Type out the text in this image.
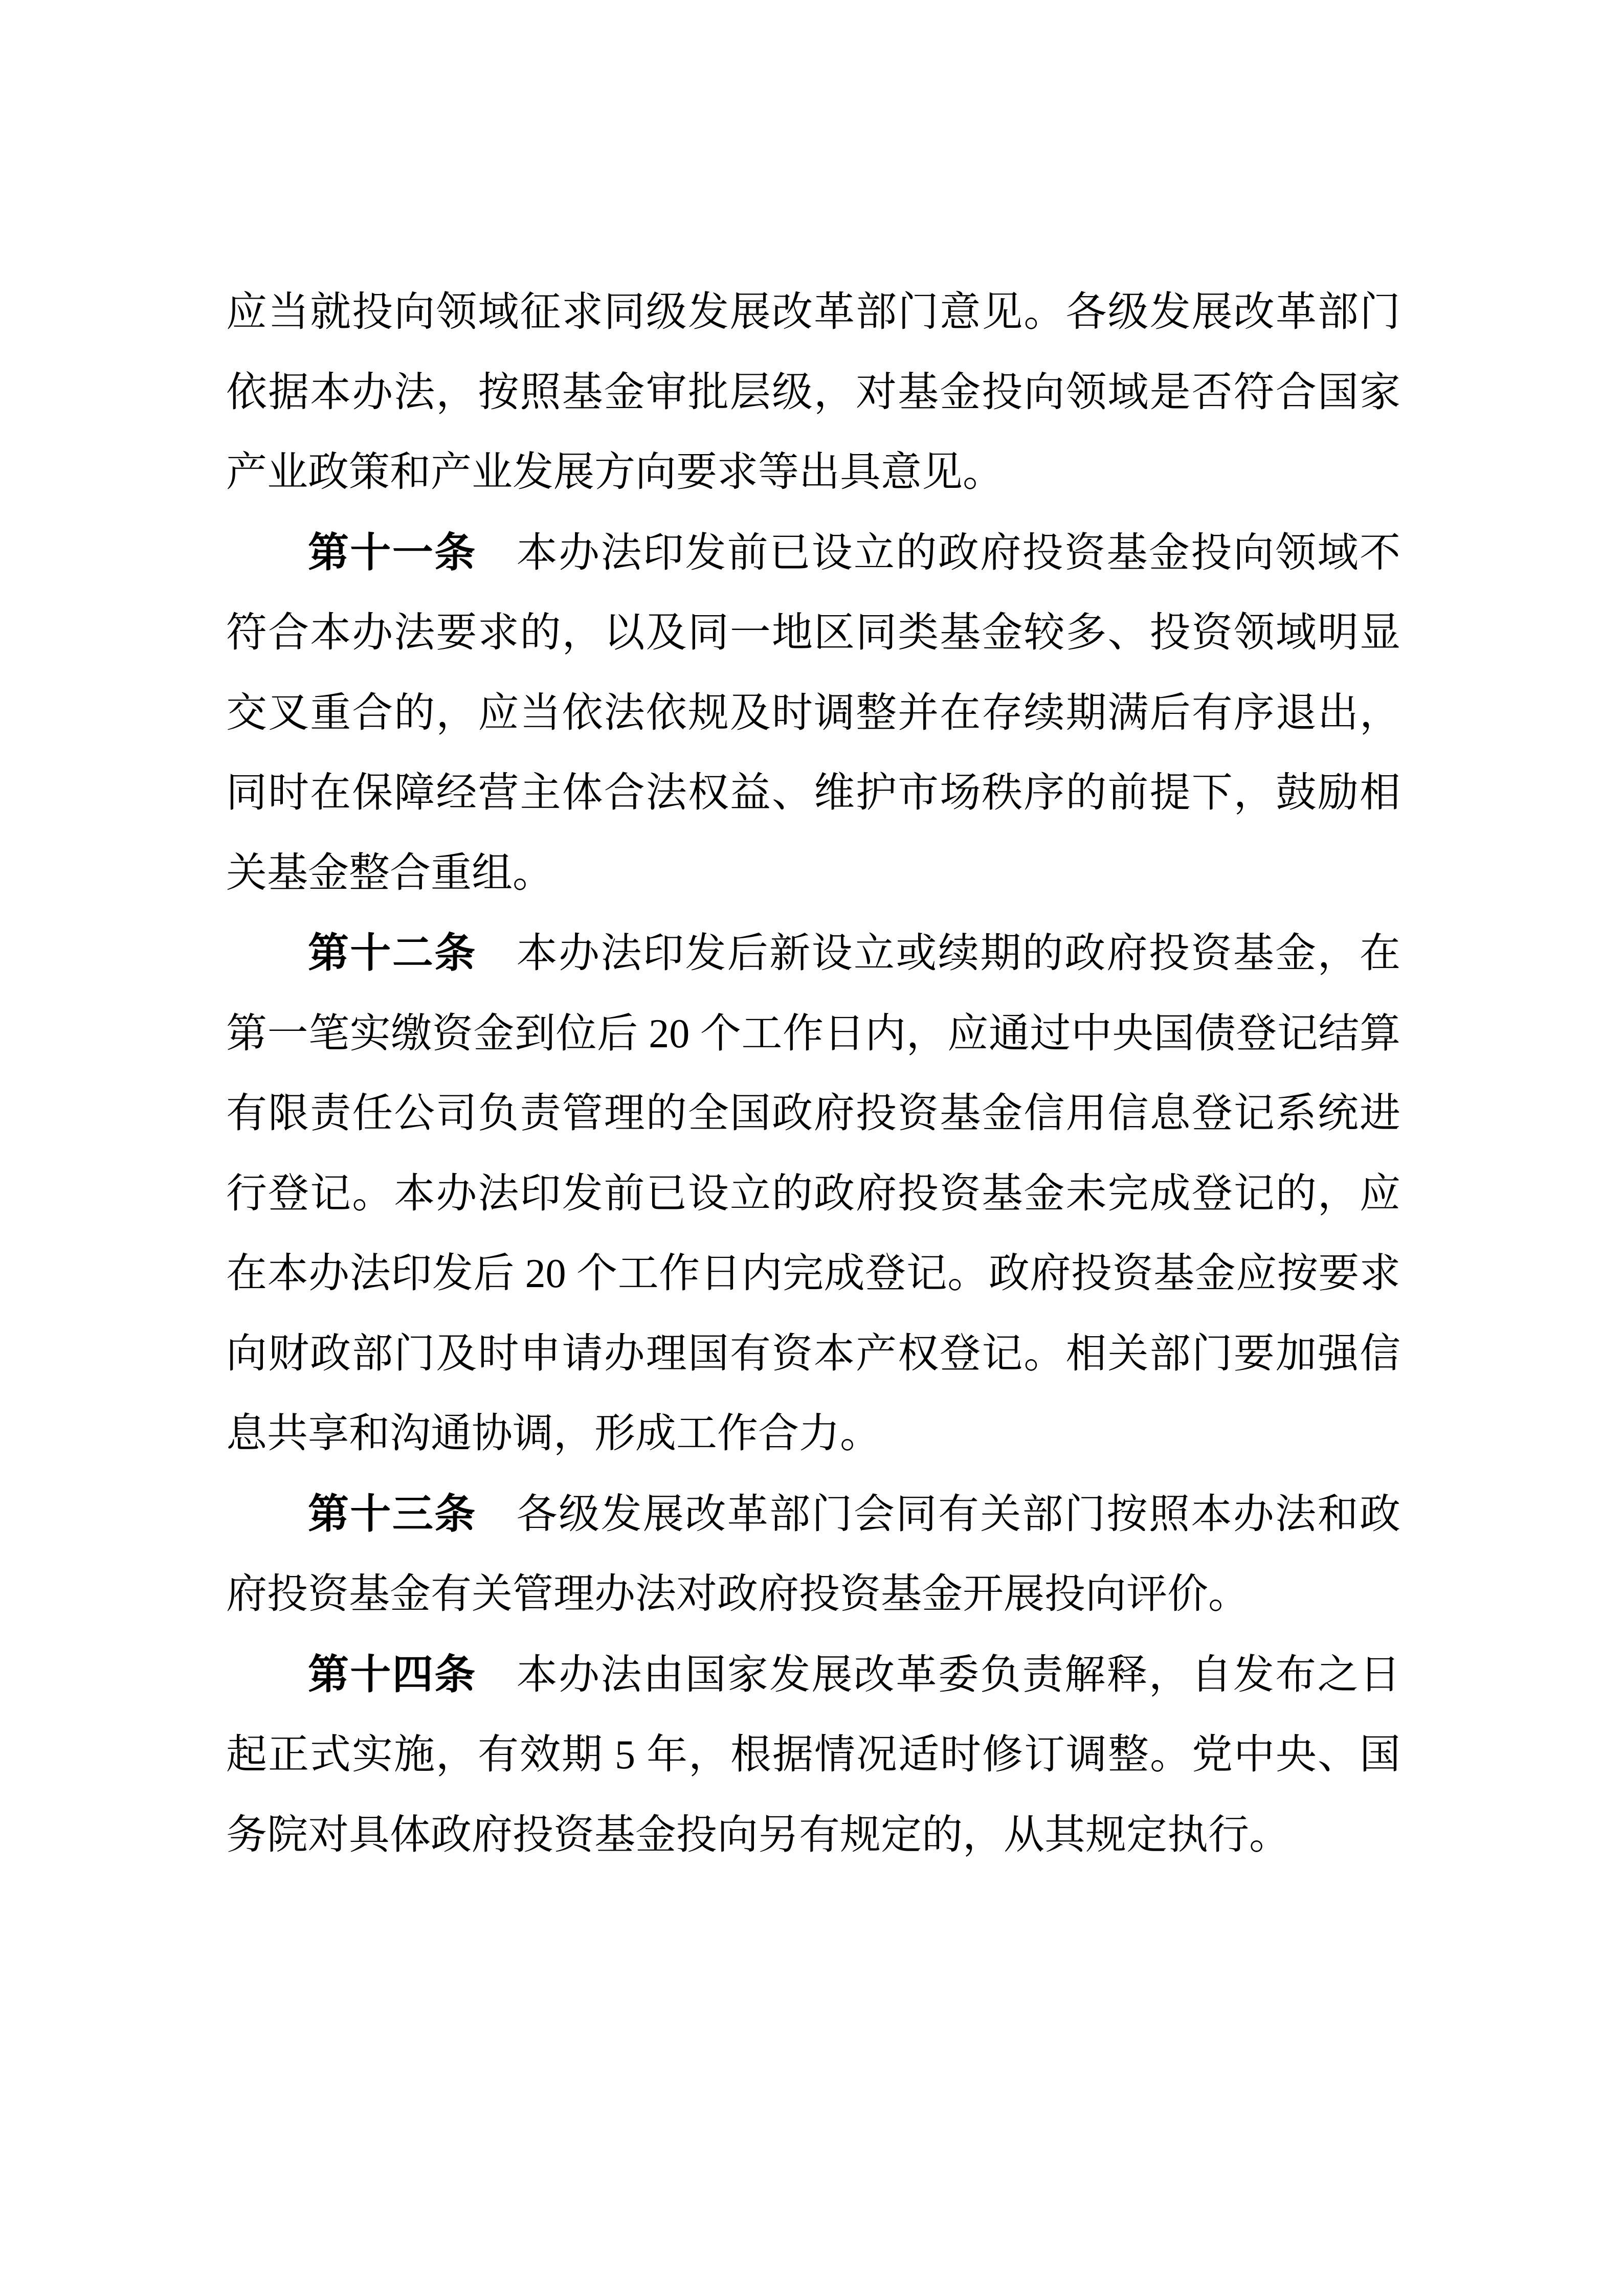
应当就投向领域征求同级发展改革部门意见。各级发展改革部门
依据本办法，按照基金审批层级，对基金投向领域是否符合国家
产业政策和产业发展方向要求等出具意见。
第十一条 本办法印发前已设立的政府投资基金投向领域不
符合本办法要求的，以及同一地区同类基金较多、投资领域明显
交叉重合的，应当依法依规及时调整并在存续期满后有序退出，
同时在保障经营主体合法权益、维护市场秩序的前提下，鼓励相
关基金整合重组。
第十二条 本办法印发后新设立或续期的政府投资基金，在
第一笔实缴资金到位后 20 个工作日内，应通过中央国债登记结算
有限责任公司负责管理的全国政府投资基金信用信息登记系统进
行登记。本办法印发前已设立的政府投资基金未完成登记的，应
在本办法印发后 20 个工作日内完成登记。政府投资基金应按要求
向财政部门及时申请办理国有资本产权登记。相关部门要加强信
息共享和沟通协调，形成工作合力。
第十三条 各级发展改革部门会同有关部门按照本办法和政
府投资基金有关管理办法对政府投资基金开展投向评价。
第十四条 本办法由国家发展改革委负责解释，自发布之日
起正式实施，有效期 5 年，根据情况适时修订调整。党中央、国
务院对具体政府投资基金投向另有规定的，从其规定执行。
